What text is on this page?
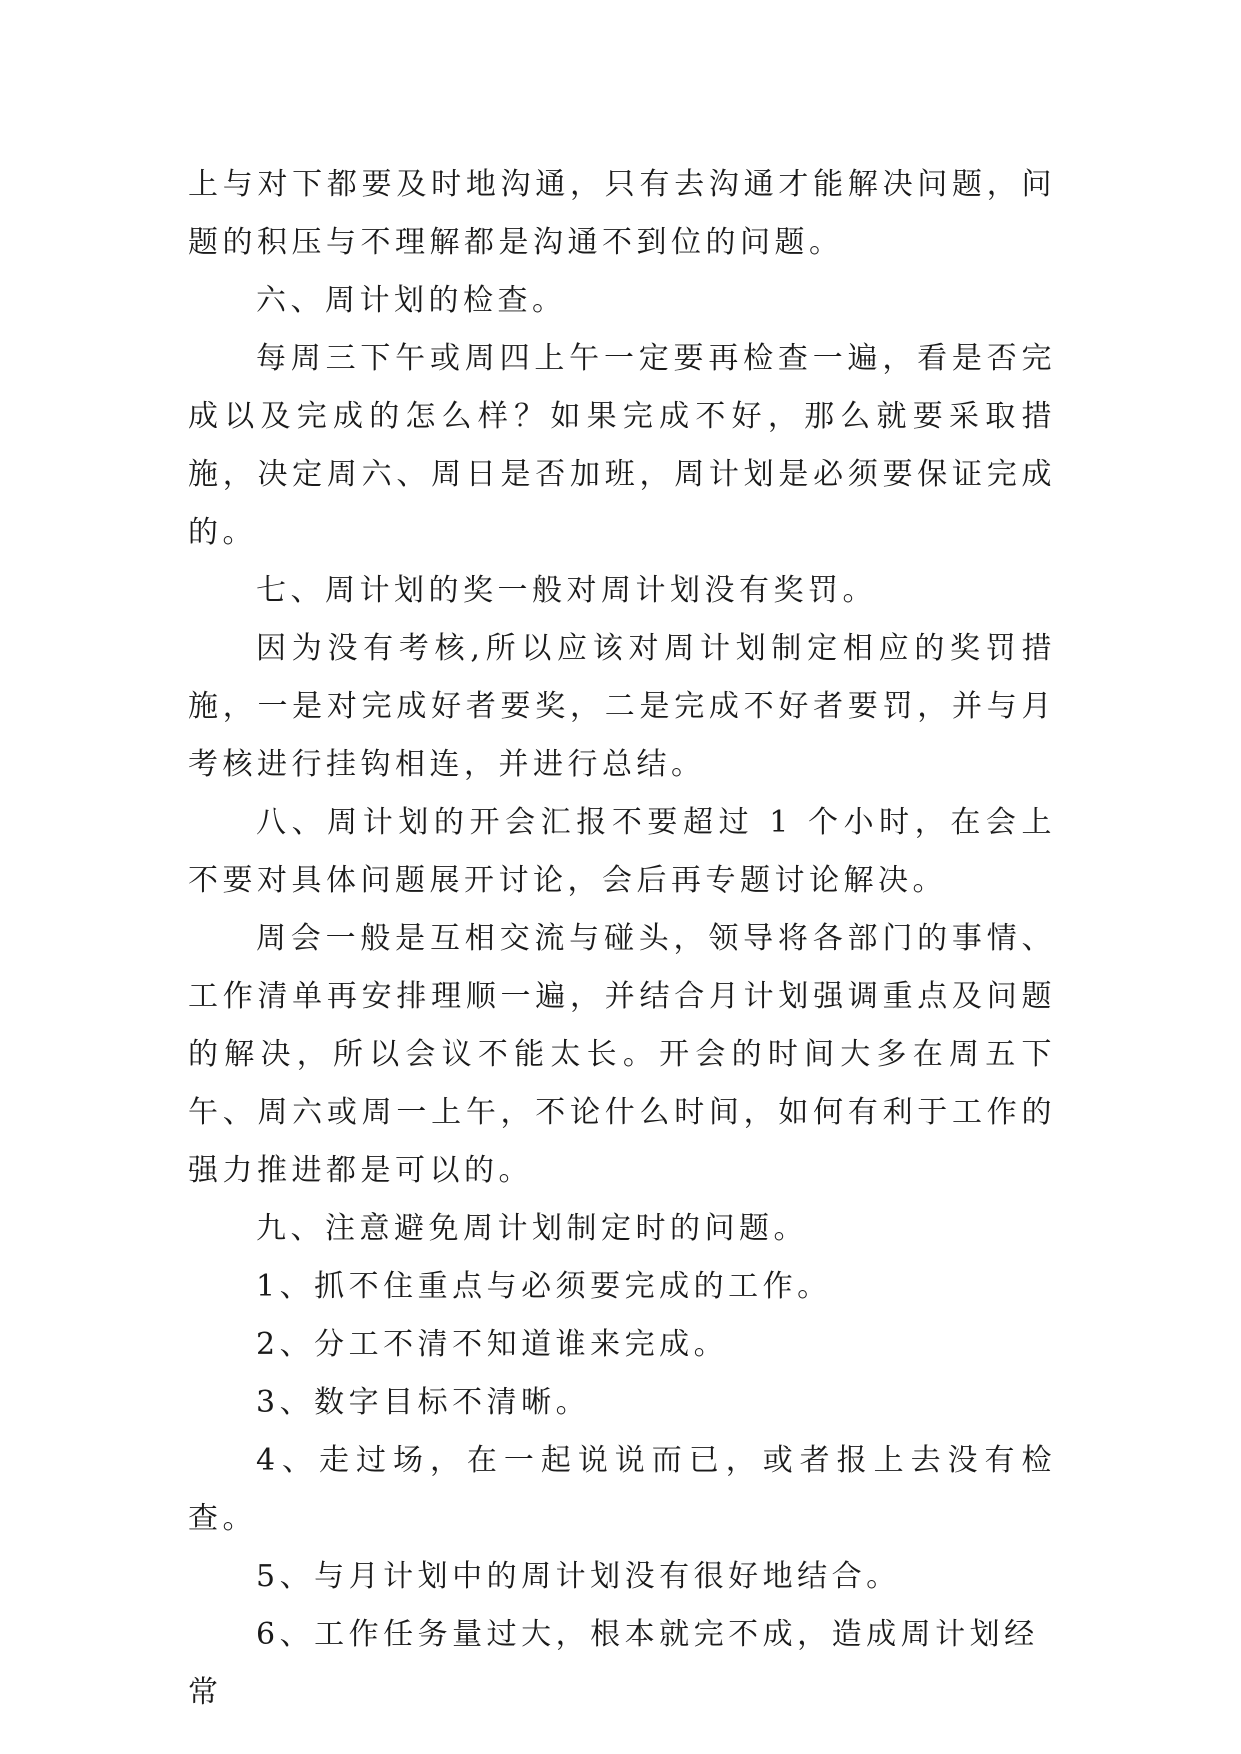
上与对下都要及时地沟通，只有去沟通才能解决问题，问题的积压与不理解都是沟通不到位的问题。

六、周计划的检查。

每周三下午或周四上午一定要再检查一遍，看是否完成以及完成的怎么样？如果完成不好，那么就要采取措施，决定周六、周日是否加班，周计划是必须要保证完成的。

七、周计划的奖一般对周计划没有奖罚。

因为没有考核,所以应该对周计划制定相应的奖罚措施，一是对完成好者要奖，二是完成不好者要罚，并与月考核进行挂钩相连，并进行总结。

八、周计划的开会汇报不要超过 1 个小时，在会上不要对具体问题展开讨论，会后再专题讨论解决。

周会一般是互相交流与碰头，领导将各部门的事情、工作清单再安排理顺一遍，并结合月计划强调重点及问题的解决，所以会议不能太长。开会的时间大多在周五下午、周六或周一上午，不论什么时间，如何有利于工作的强力推进都是可以的。

九、注意避免周计划制定时的问题。

1、抓不住重点与必须要完成的工作。

2、分工不清不知道谁来完成。

3、数字目标不清晰。

4、走过场，在一起说说而已，或者报上去没有检查。

5、与月计划中的周计划没有很好地结合。

6、工作任务量过大，根本就完不成，造成周计划经常
